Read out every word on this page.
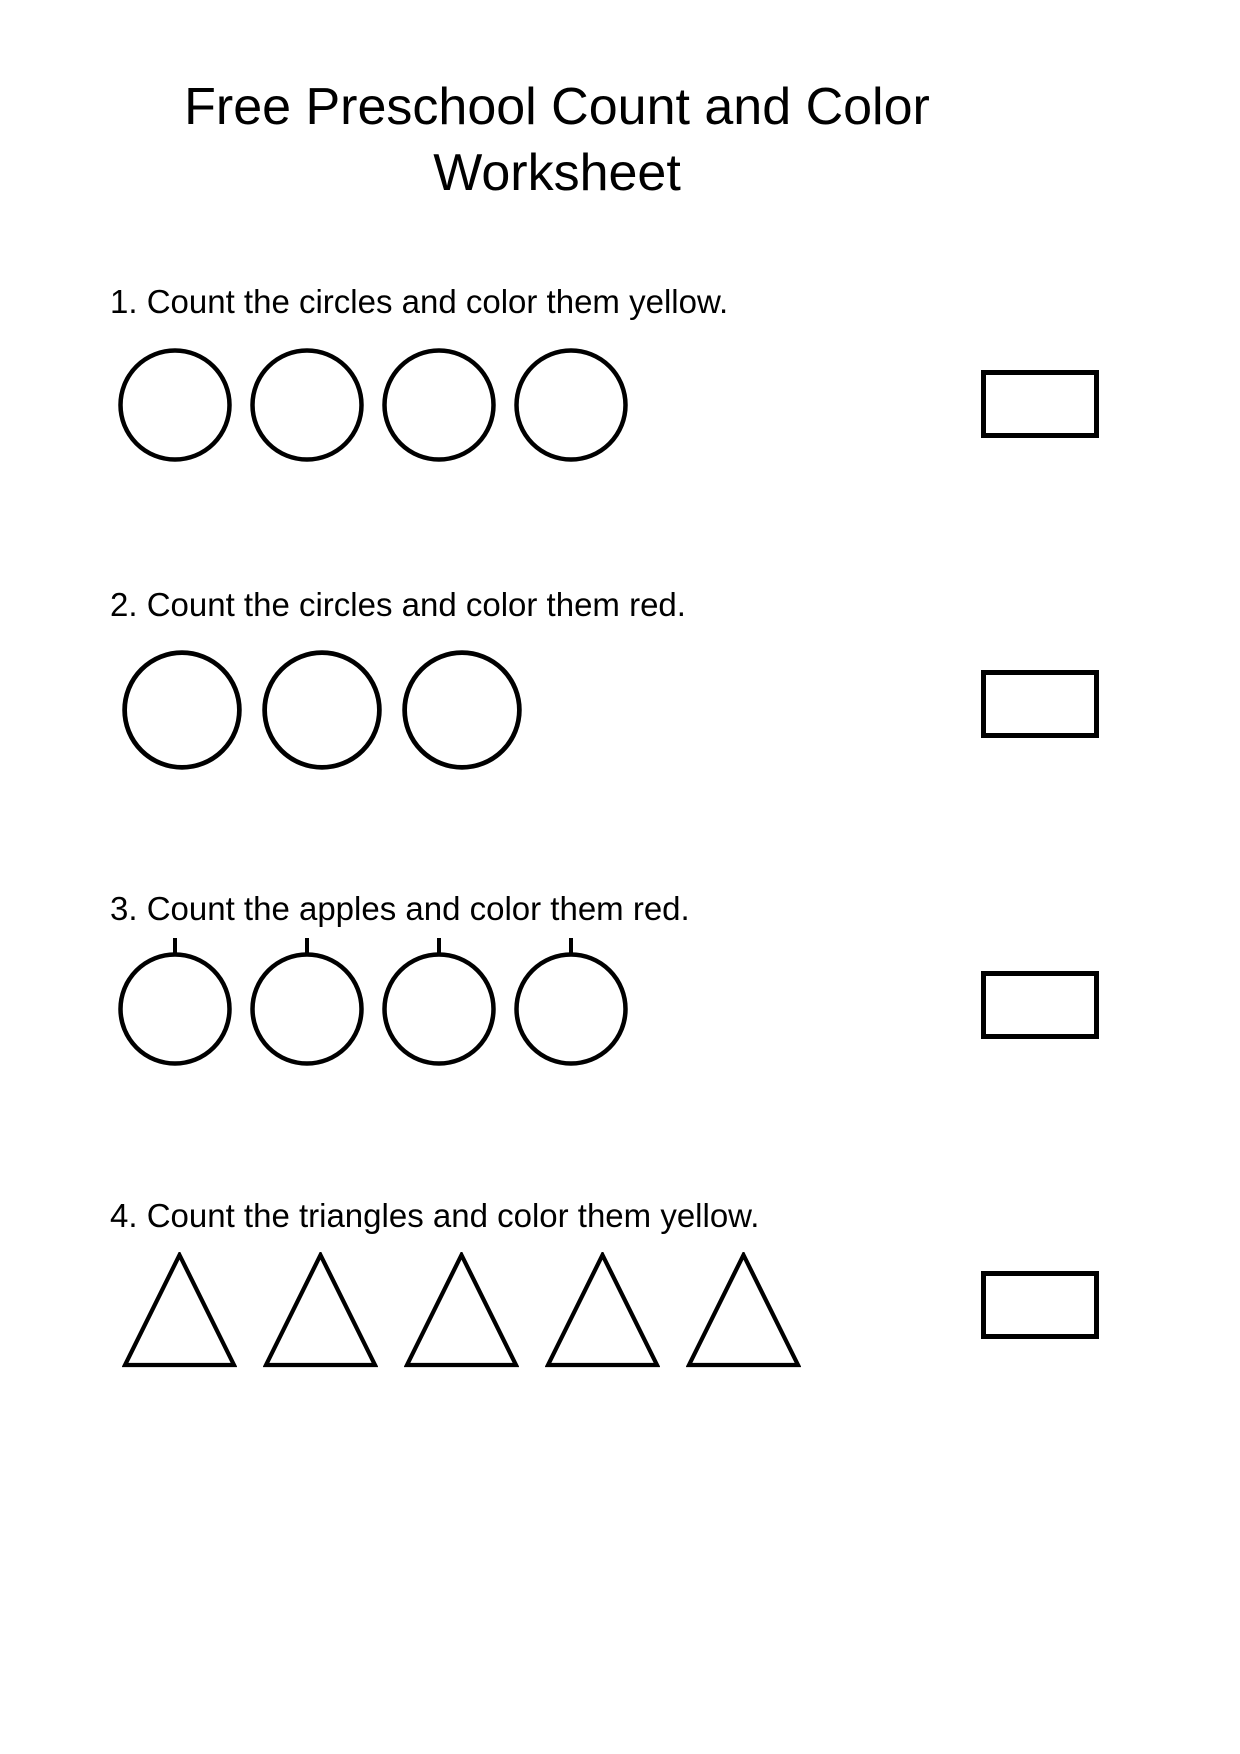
Free Preschool Count and Color
Worksheet

1. Count the circles and color them yellow.

2. Count the circles and color them red.

3. Count the apples and color them red.

4. Count the triangles and color them yellow.
